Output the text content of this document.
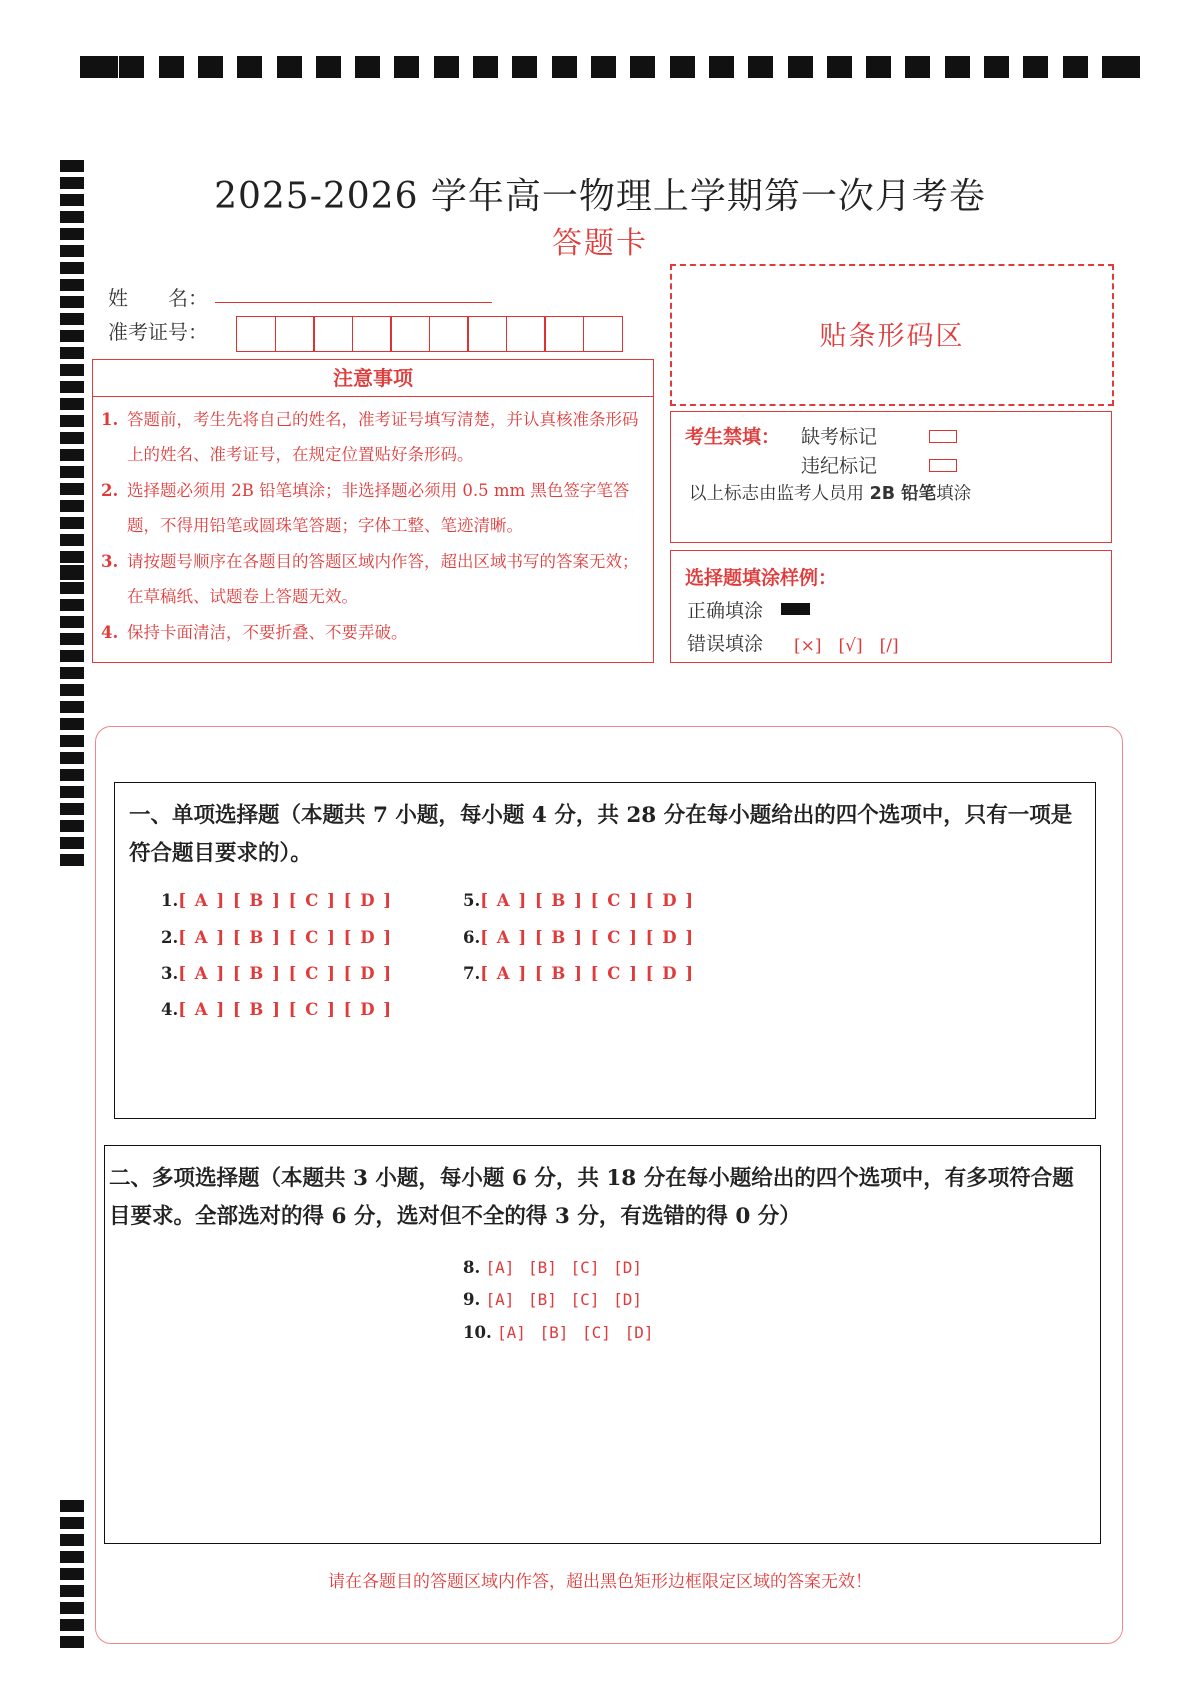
2025-2026 学年高一物理上学期第一次月考卷
答题卡
姓　　名：
准考证号：
注意事项
1. 答题前，考生先将自己的姓名，准考证号填写清楚，并认真核准条形码上的姓名、准考证号，在规定位置贴好条形码。
2. 选择题必须用 2B 铅笔填涂；非选择题必须用 0.5 mm 黑色签字笔答题，不得用铅笔或圆珠笔答题；字体工整、笔迹清晰。
3. 请按题号顺序在各题目的答题区域内作答，超出区域书写的答案无效；在草稿纸、试题卷上答题无效。
4. 保持卡面清洁，不要折叠、不要弄破。
贴条形码区
考生禁填： 缺考标记
违纪标记
以上标志由监考人员用 2B 铅笔填涂
选择题填涂样例：
正确填涂
错误填涂 [×]　[√]　[/]
一、单项选择题（本题共 7 小题，每小题 4 分，共 28 分在每小题给出的四个选项中，只有一项是符合题目要求的）。
1.[ A ] [ B ] [ C ] [ D ]
2.[ A ] [ B ] [ C ] [ D ]
3.[ A ] [ B ] [ C ] [ D ]
4.[ A ] [ B ] [ C ] [ D ]
5.[ A ] [ B ] [ C ] [ D ]
6.[ A ] [ B ] [ C ] [ D ]
7.[ A ] [ B ] [ C ] [ D ]
二、多项选择题（本题共 3 小题，每小题 6 分，共 18 分在每小题给出的四个选项中，有多项符合题目要求。全部选对的得 6 分，选对但不全的得 3 分，有选错的得 0 分）
8. [A] [B] [C] [D]
9. [A] [B] [C] [D]
10. [A] [B] [C] [D]
请在各题目的答题区域内作答，超出黑色矩形边框限定区域的答案无效！
